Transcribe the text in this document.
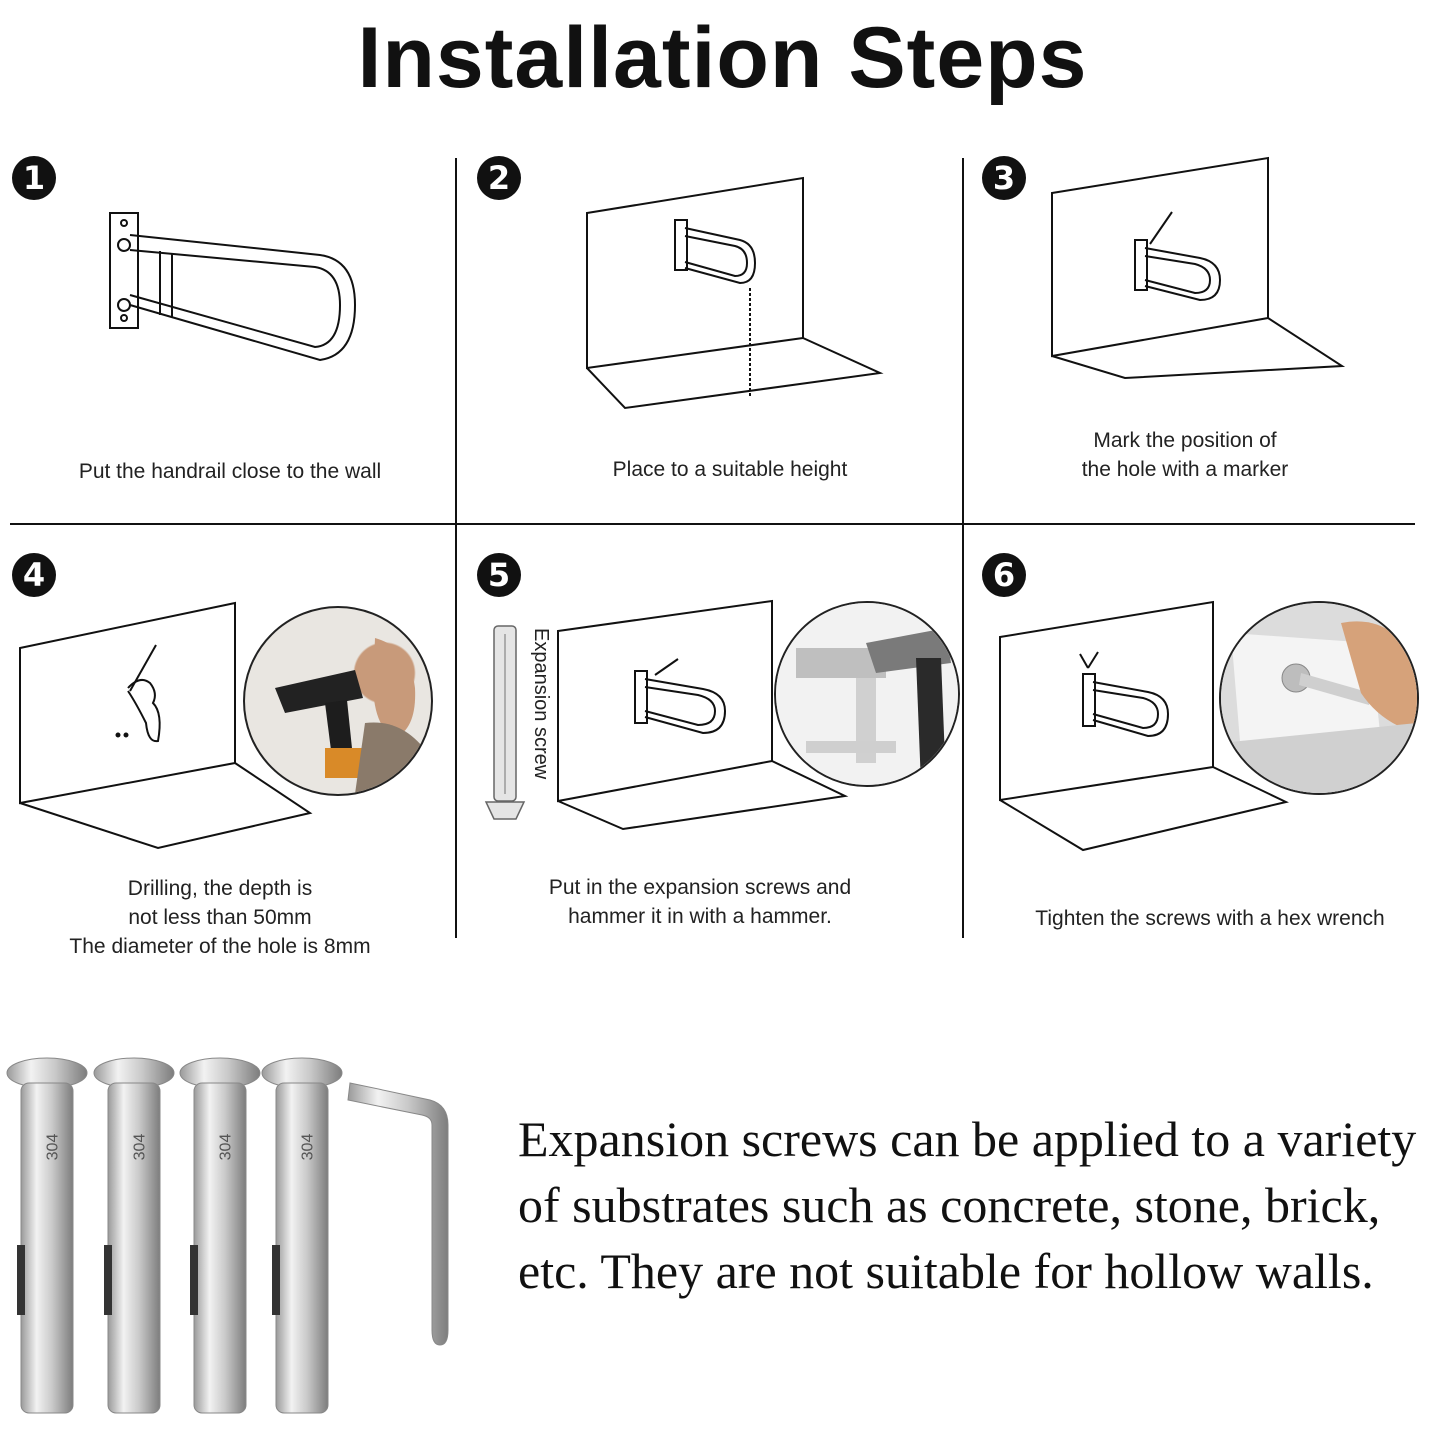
Installation Steps
1	2	3
4	5	6
Expansion screw
Put the handrail close to the wall	Place to a suitable height
Mark the position of
the hole with a marker
Drilling, the depth is
not less than 50mm
The diameter of the hole is 8mm
Put in the expansion screws and
hammer it in with a hammer.	Tighten the screws with a hex wrench
304	304	304	304	Expansion screws can be applied to a variety of substrates such as concrete, stone, brick, etc. They are not suitable for hollow walls.
